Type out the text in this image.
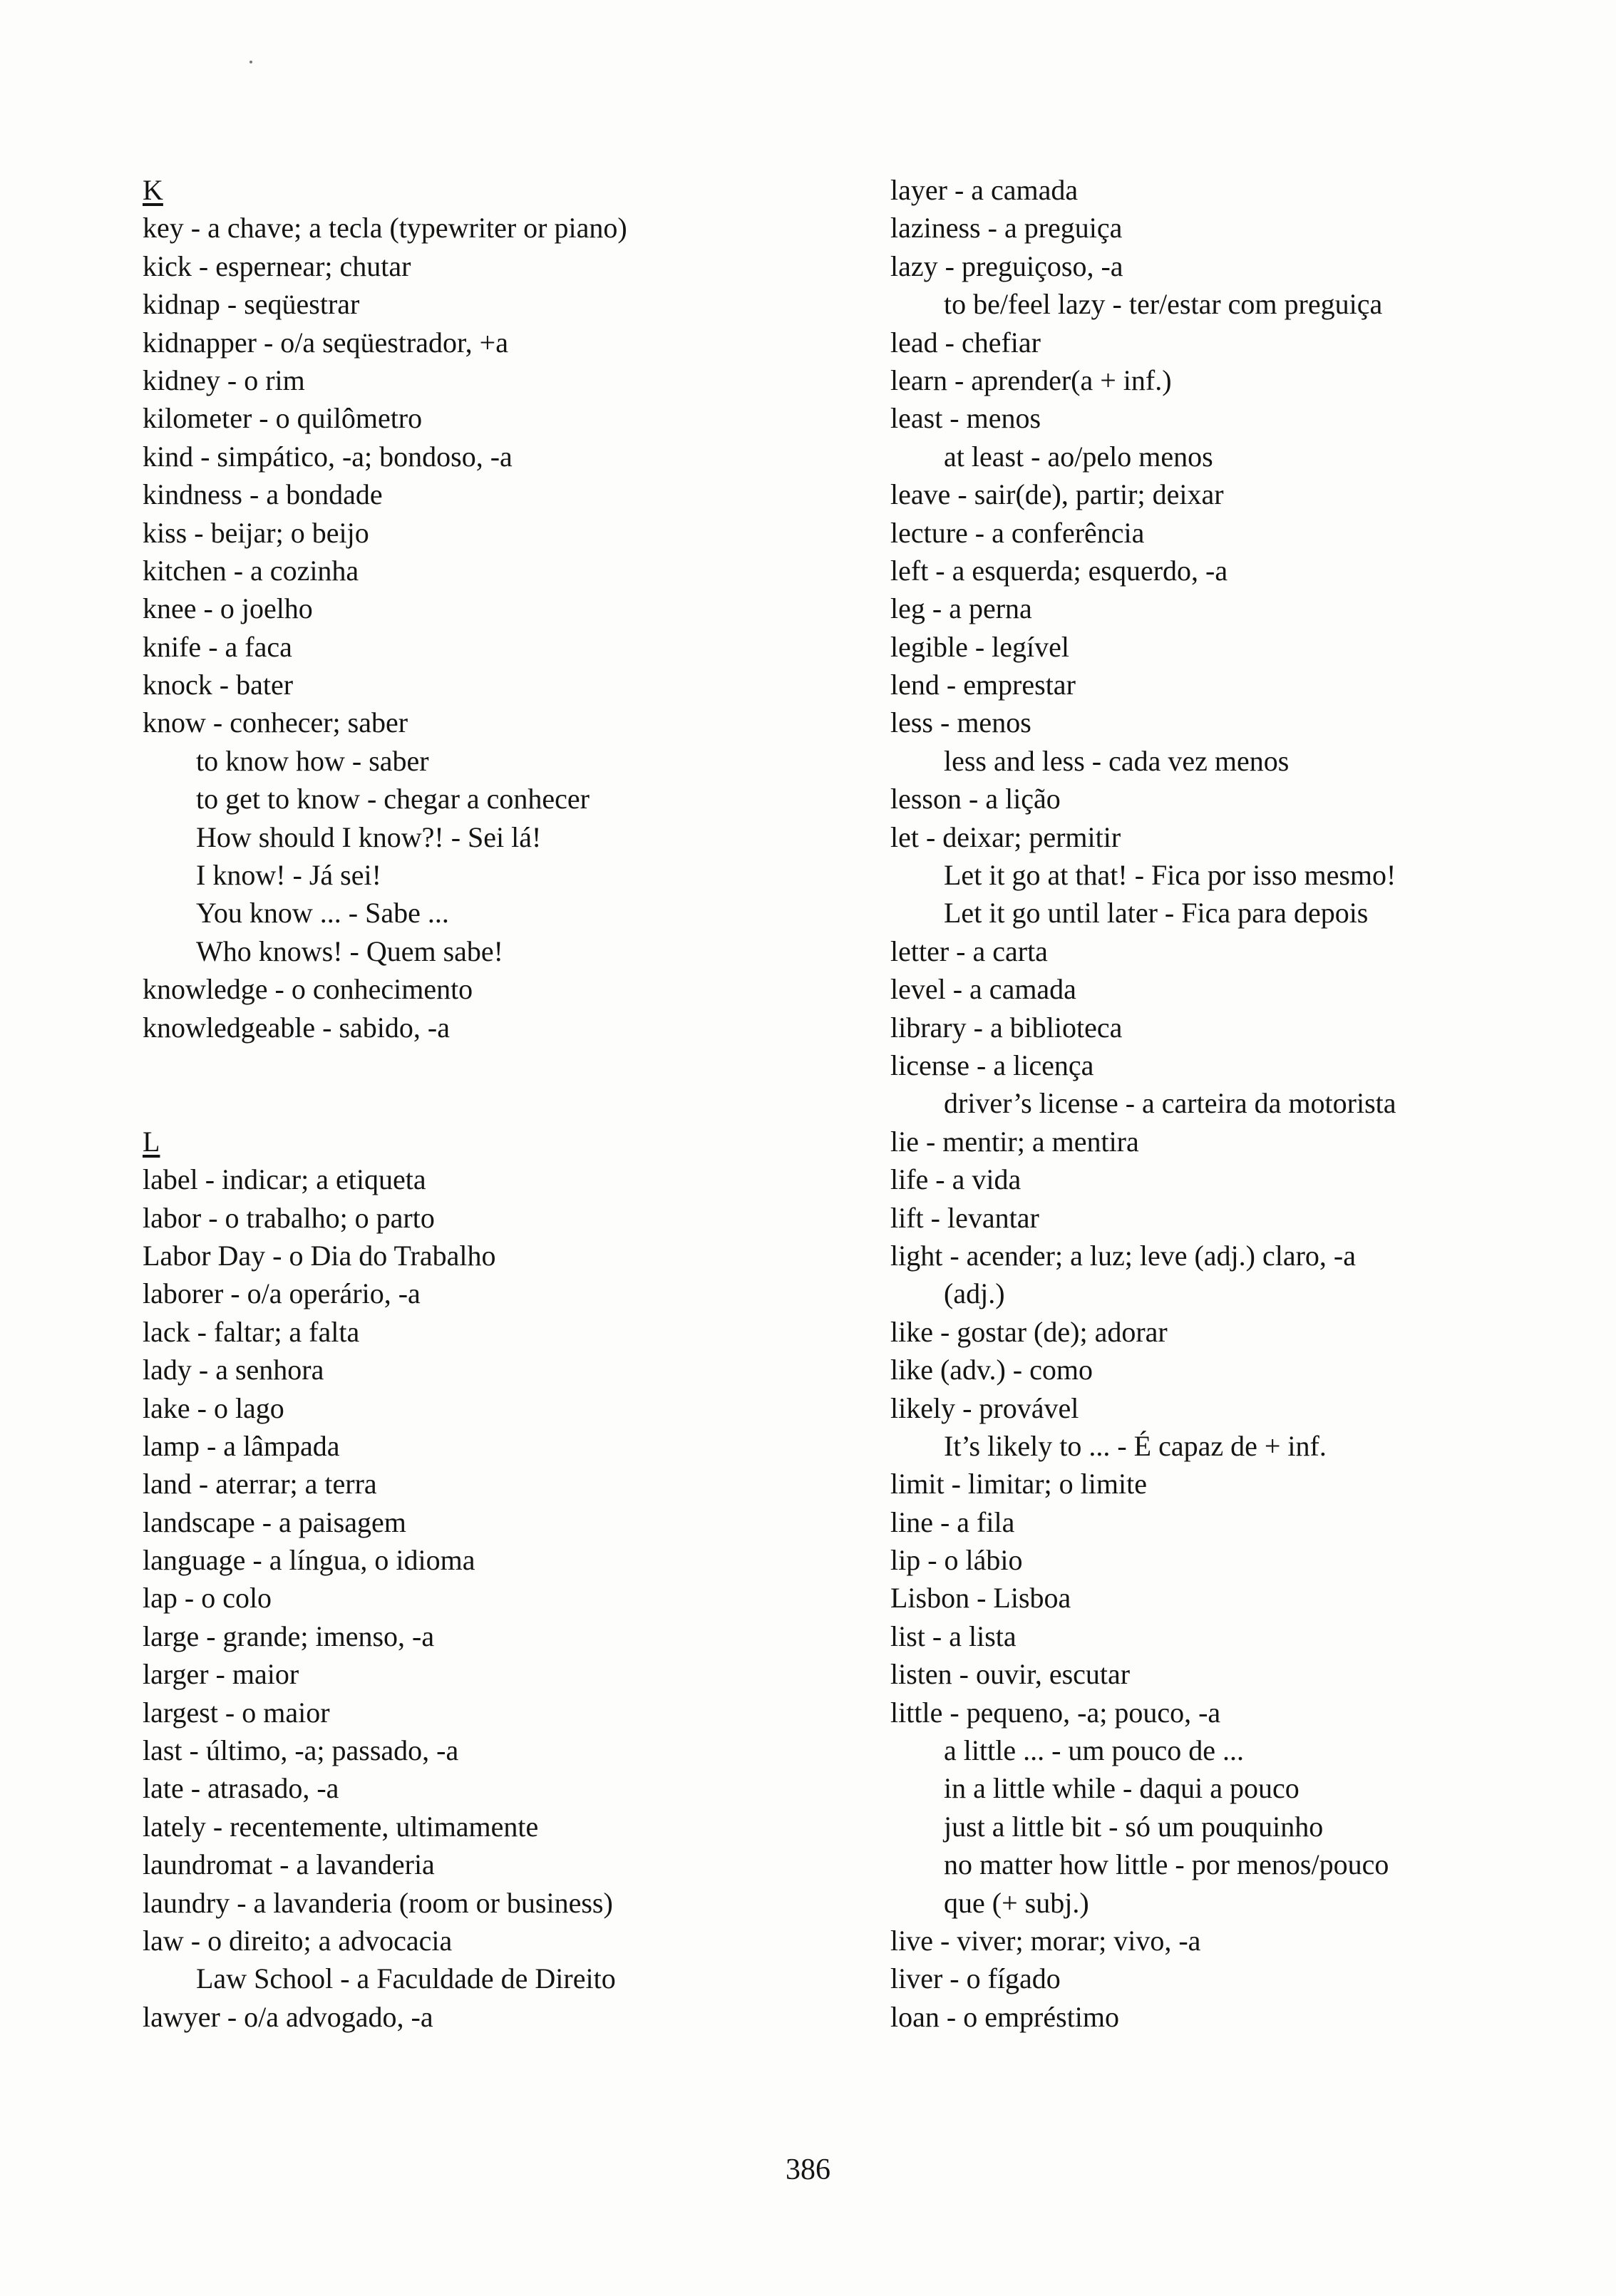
K
key - a chave; a tecla (typewriter or piano)
kick - espernear; chutar
kidnap - seqüestrar
kidnapper - o/a seqüestrador, +a
kidney - o rim
kilometer - o quilômetro
kind - simpático, -a; bondoso, -a
kindness - a bondade
kiss - beijar; o beijo
kitchen - a cozinha
knee - o joelho
knife - a faca
knock - bater
know - conhecer; saber
to know how - saber
to get to know - chegar a conhecer
How should I know?! - Sei lá!
I know! - Já sei!
You know ... - Sabe ...
Who knows! - Quem sabe!
knowledge - o conhecimento
knowledgeable - sabido, -a
L
label - indicar; a etiqueta
labor - o trabalho; o parto
Labor Day - o Dia do Trabalho
laborer - o/a operário, -a
lack - faltar; a falta
lady - a senhora
lake - o lago
lamp - a lâmpada
land - aterrar; a terra
landscape - a paisagem
language - a língua, o idioma
lap - o colo
large - grande; imenso, -a
larger - maior
largest - o maior
last - último, -a; passado, -a
late - atrasado, -a
lately - recentemente, ultimamente
laundromat - a lavanderia
laundry - a lavanderia (room or business)
law - o direito; a advocacia
Law School - a Faculdade de Direito
lawyer - o/a advogado, -a
layer - a camada
laziness - a preguiça
lazy - preguiçoso, -a
to be/feel lazy - ter/estar com preguiça
lead - chefiar
learn - aprender(a + inf.)
least - menos
at least - ao/pelo menos
leave - sair(de), partir; deixar
lecture - a conferência
left - a esquerda; esquerdo, -a
leg - a perna
legible - legível
lend - emprestar
less - menos
less and less - cada vez menos
lesson - a lição
let - deixar; permitir
Let it go at that! - Fica por isso mesmo!
Let it go until later - Fica para depois
letter - a carta
level - a camada
library - a biblioteca
license - a licença
driver’s license - a carteira da motorista
lie - mentir; a mentira
life - a vida
lift - levantar
light - acender; a luz; leve (adj.) claro, -a
(adj.)
like - gostar (de); adorar
like (adv.) - como
likely - provável
It’s likely to ... - É capaz de + inf.
limit - limitar; o limite
line - a fila
lip - o lábio
Lisbon - Lisboa
list - a lista
listen - ouvir, escutar
little - pequeno, -a; pouco, -a
a little ... - um pouco de ...
in a little while - daqui a pouco
just a little bit - só um pouquinho
no matter how little - por menos/pouco
que (+ subj.)
live - viver; morar; vivo, -a
liver - o fígado
loan - o empréstimo
386
